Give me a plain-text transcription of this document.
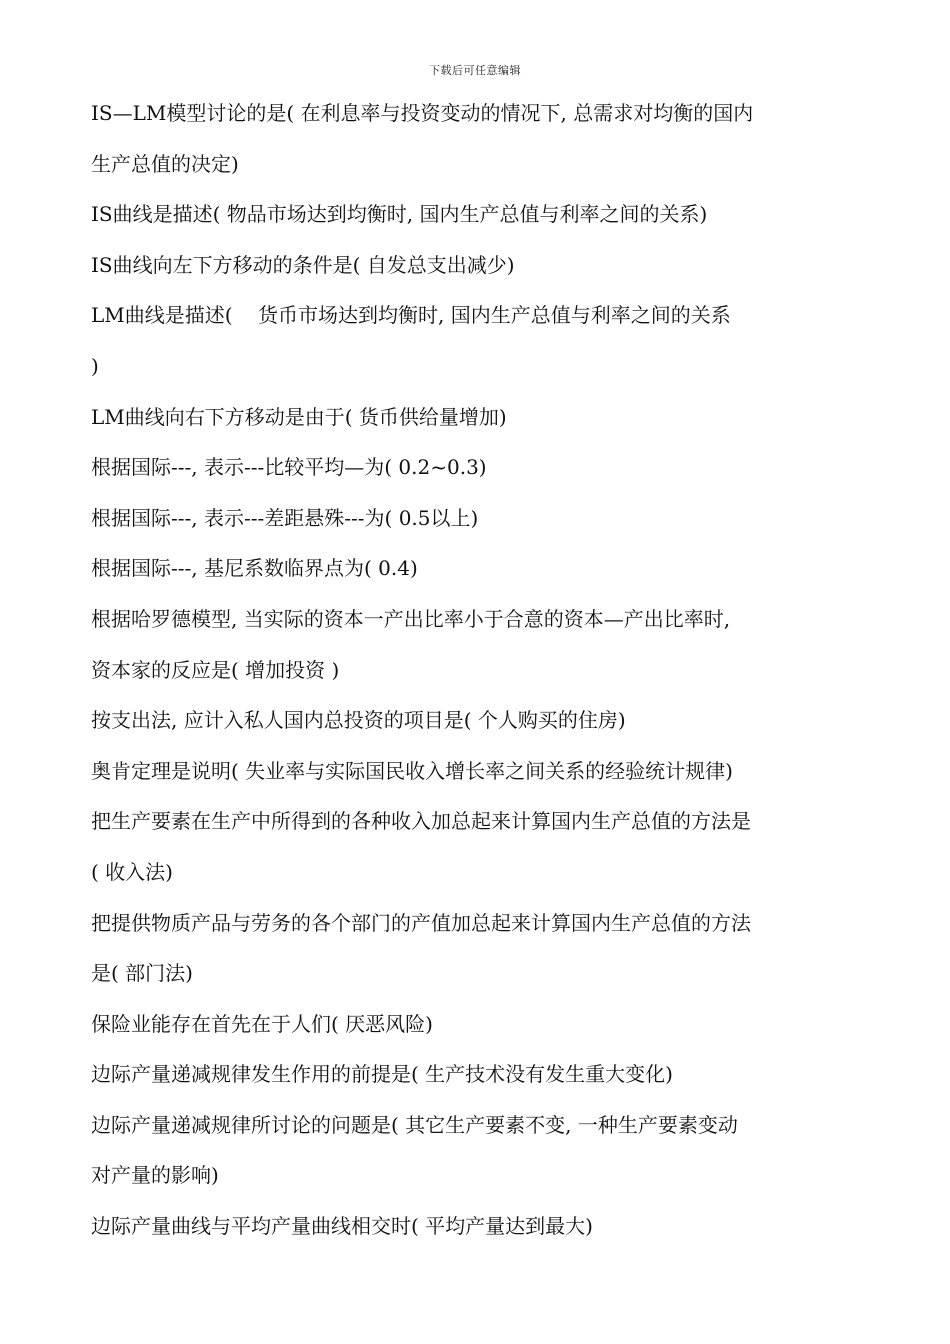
下载后可任意编辑
IS—LM模型讨论的是( 在利息率与投资变动的情况下, 总需求对均衡的国内
生产总值的决定)
IS曲线是描述( 物品市场达到均衡时, 国内生产总值与利率之间的关系)
IS曲线向左下方移动的条件是( 自发总支出减少)
LM曲线是描述(    货币市场达到均衡时, 国内生产总值与利率之间的关系
)
LM曲线向右下方移动是由于( 货币供给量增加)
根据国际---, 表示---比较平均—为( 0.2~0.3)
根据国际---, 表示---差距悬殊---为( 0.5以上)
根据国际---, 基尼系数临界点为( 0.4)
根据哈罗德模型, 当实际的资本一产出比率小于合意的资本—产出比率时,
资本家的反应是( 增加投资 )
按支出法, 应计入私人国内总投资的项目是( 个人购买的住房)
奥肯定理是说明( 失业率与实际国民收入增长率之间关系的经验统计规律)
把生产要素在生产中所得到的各种收入加总起来计算国内生产总值的方法是
( 收入法)
把提供物质产品与劳务的各个部门的产值加总起来计算国内生产总值的方法
是( 部门法)
保险业能存在首先在于人们( 厌恶风险)
边际产量递减规律发生作用的前提是( 生产技术没有发生重大变化)
边际产量递减规律所讨论的问题是( 其它生产要素不变, 一种生产要素变动
对产量的影响)
边际产量曲线与平均产量曲线相交时( 平均产量达到最大)
